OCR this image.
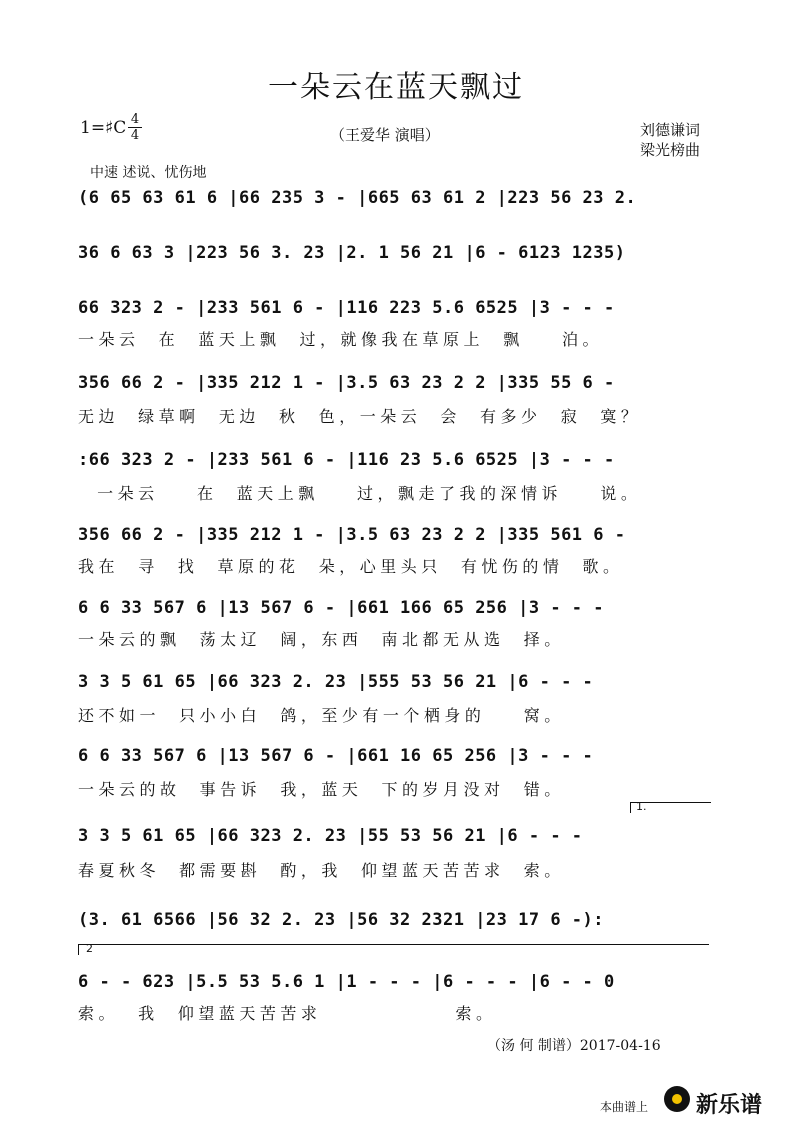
一朵云在蓝天飘过
1=♯C 4
4	（王爱华 演唱）	刘德谦词
梁光榜曲
中速 述说、忧伤地
(6 65 63 61 6 |66 235 3 - |665 63 61 2 |223 56 23 2.
36 6 63 3 |223 56 3. 23 |2. 1 56 21 |6 - 6123 1235)
66 323 2 - |233 561 6 - |116 223 5.6 6525 |3 - - -
一朵云  在  蓝天上飘  过，就像我在草原上  飘    泊。
356 66 2 - |335 212 1 - |3.5 63 23 2 2 |335 55 6 -
无边  绿草啊  无边  秋  色，一朵云  会  有多少  寂  寞？
:66 323 2 - |233 561 6 - |116 23 5.6 6525 |3 - - -
一朵云    在  蓝天上飘    过，飘走了我的深情诉    说。
356 66 2 - |335 212 1 - |3.5 63 23 2 2 |335 561 6 -
我在  寻  找  草原的花  朵，心里头只  有忧伤的情  歌。
6 6 33 567 6 |13 567 6 - |661 166 65 256 |3 - - -
一朵云的飘  荡太辽  阔，东西  南北都无从选  择。
3 3 5 61 65 |66 323 2. 23 |555 53 56 21 |6 - - -
还不如一  只小小白  鸽，至少有一个栖身的    窝。
6 6 33 567 6 |13 567 6 - |661 16 65 256 |3 - - -
一朵云的故  事告诉  我，蓝天  下的岁月没对  错。
1.
3 3 5 61 65 |66 323 2. 23 |55 53 56 21 |6 - - -
春夏秋冬  都需要斟  酌，我  仰望蓝天苦苦求  索。
(3. 61 6566 |56 32 2. 23 |56 32 2321 |23 17 6 -):
2
6 - - 623 |5.5 53 5.6 1 |1 - - - |6 - - - |6 - - 0
索。  我  仰望蓝天苦苦求              索。
（汤 何 制谱）2017-04-16
本曲谱上 新乐谱
